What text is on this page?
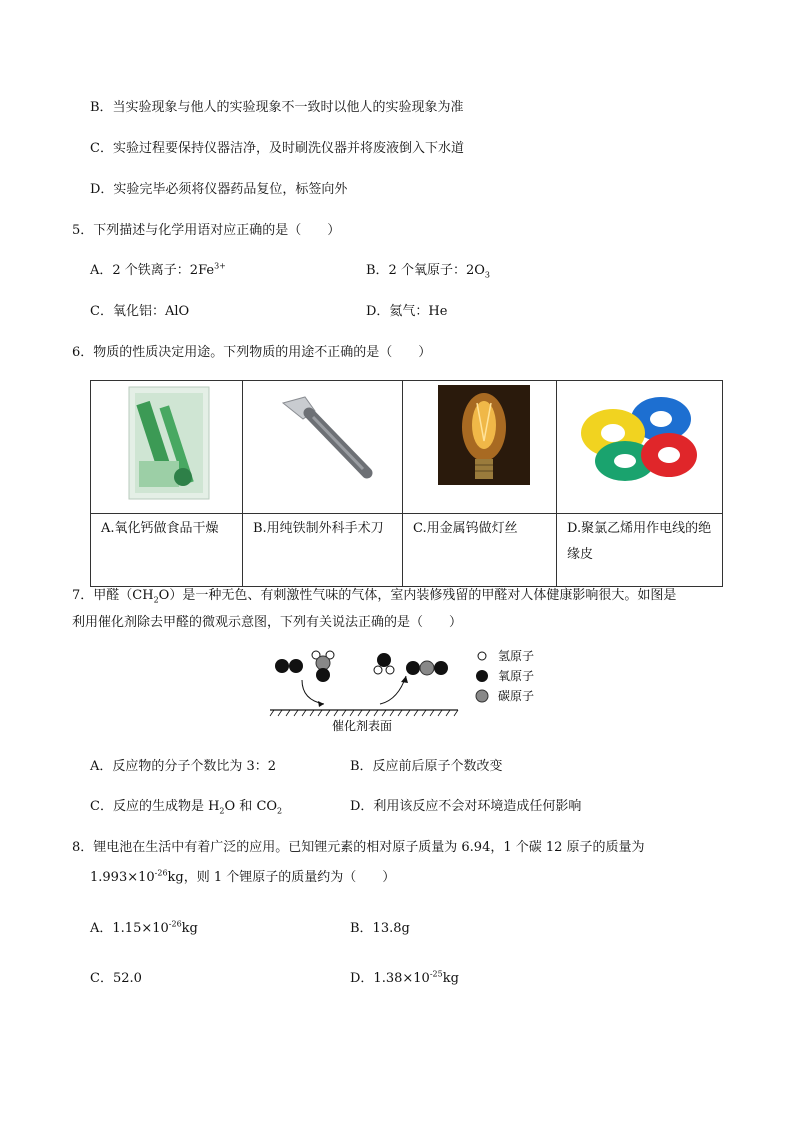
B．当实验现象与他人的实验现象不一致时以他人的实验现象为准
C．实验过程要保持仪器洁净，及时刷洗仪器并将废液倒入下水道
D．实验完毕必须将仪器药品复位，标签向外
5．下列描述与化学用语对应正确的是（　　）
A．2 个铁离子：$2Fe^{3+}$	B．2 个氧原子：$2O_3$
C．氧化铝：AlO	D．氦气：He
6．物质的性质决定用途。下列物质的用途不正确的是（　　）

A.氧化钙做食品干燥	B.用纯铁制外科手术刀	C.用金属钨做灯丝	D.聚氯乙烯用作电线的绝缘皮
7．甲醛$(CH_2O)$是一种无色、有刺激性气味的气体，室内装修残留的甲醛对人体健康影响很大。如图是
利用催化剂除去甲醛的微观示意图，下列有关说法正确的是（　　）
催化剂表面
氢原子
氧原子
碳原子
A．反应物的分子个数比为 3：2	B．反应前后原子个数改变
C．反应的生成物是 $H_2O$ 和 $CO_2$	D．利用该反应不会对环境造成任何影响
8．锂电池在生活中有着广泛的应用。已知锂元素的相对原子质量为 6.94，1 个碳 12 原子的质量为
$1.993\times 10^{-26}kg$，则 1 个锂原子的质量约为（　　）
A．$1.15\times 10^{-26}kg$	B．13.8g
C．52.0	D．$1.38\times 10^{-25}kg$
